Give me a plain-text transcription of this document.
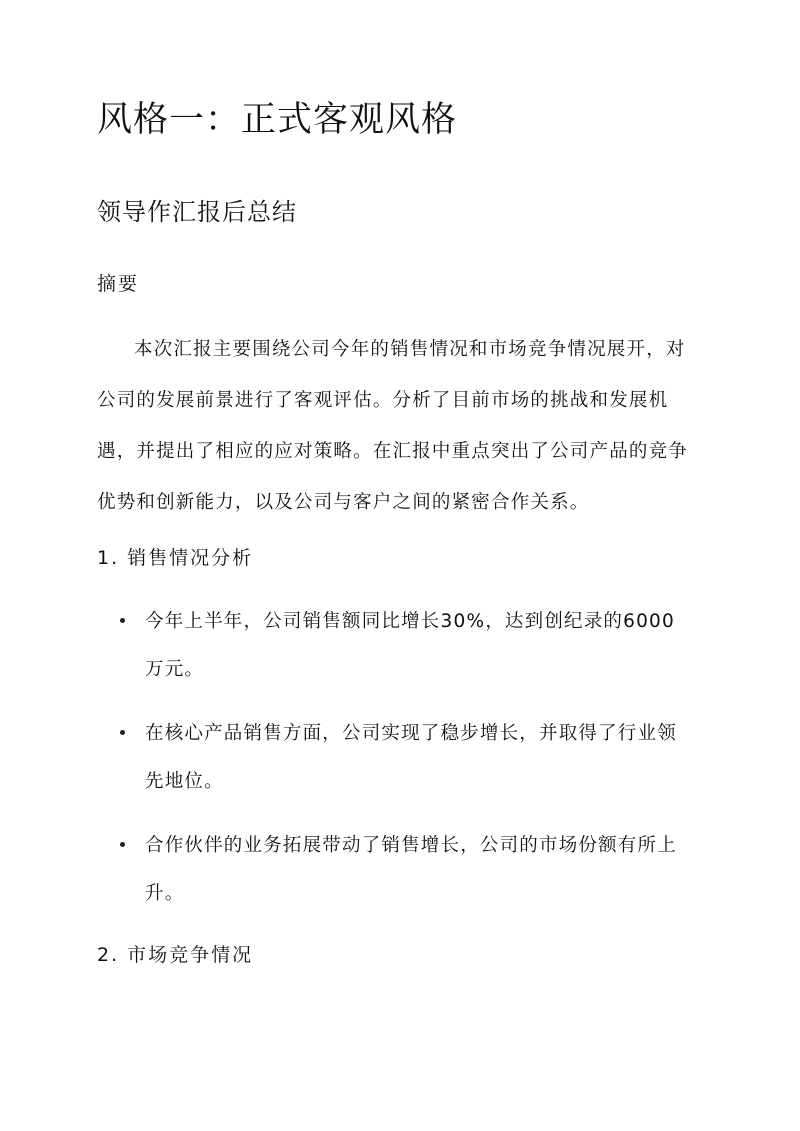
风格一：正式客观风格
领导作汇报后总结
摘要

本次汇报主要围绕公司今年的销售情况和市场竞争情况展开，对公司的发展前景进行了客观评估。分析了目前市场的挑战和发展机遇，并提出了相应的应对策略。在汇报中重点突出了公司产品的竞争优势和创新能力，以及公司与客户之间的紧密合作关系。

1. 销售情况分析
今年上半年，公司销售额同比增长30%，达到创纪录的6000万元。
在核心产品销售方面，公司实现了稳步增长，并取得了行业领先地位。
合作伙伴的业务拓展带动了销售增长，公司的市场份额有所上升。
2. 市场竞争情况
